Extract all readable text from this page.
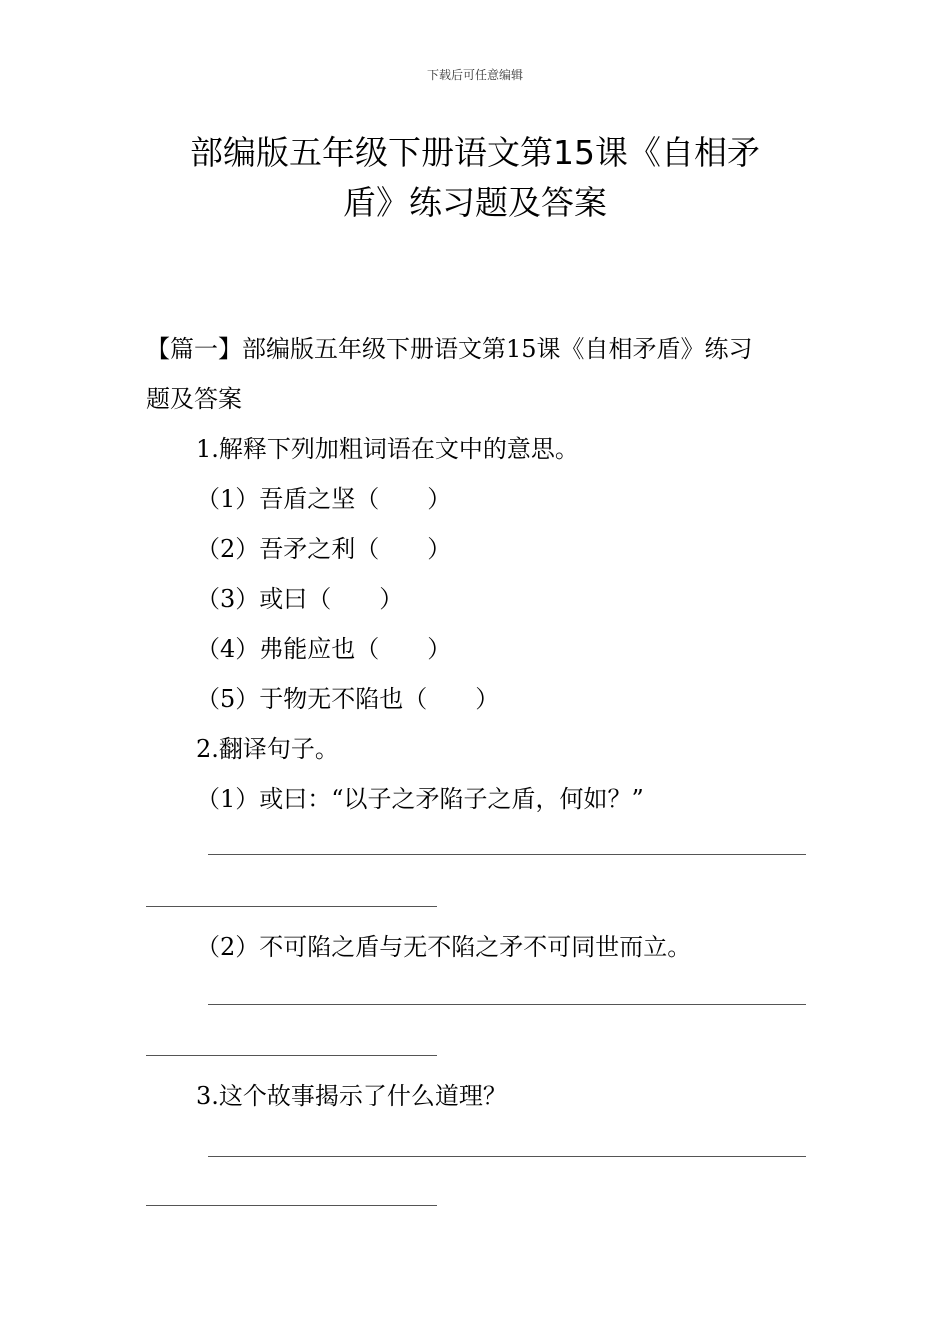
下载后可任意编辑
部编版五年级下册语文第15课《自相矛
盾》练习题及答案
【篇一】部编版五年级下册语文第15课《自相矛盾》练习
题及答案
1.解释下列加粗词语在文中的意思。
（1）吾盾之坚（　　）
（2）吾矛之利（　　）
（3）或曰（　　）
（4）弗能应也（　　）
（5）于物无不陷也（　　）
2.翻译句子。
（1）或曰：“以子之矛陷子之盾，何如？”
（2）不可陷之盾与无不陷之矛不可同世而立。
3.这个故事揭示了什么道理？
